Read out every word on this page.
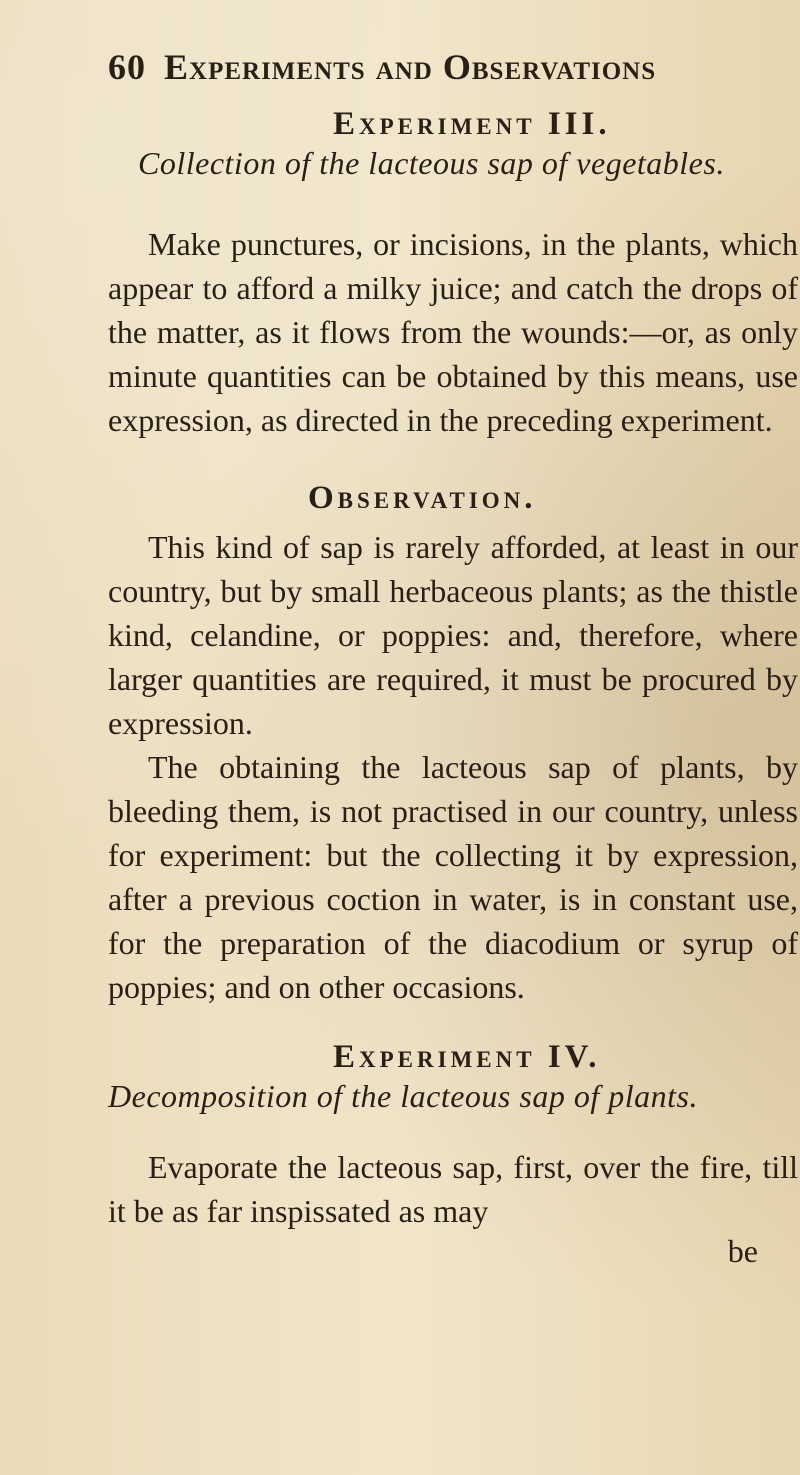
60 Experiments and Observations
Experiment III.
Collection of the lacteous sap of vegetables.

Make punctures, or incisions, in the plants, which appear to afford a milky juice; and catch the drops of the matter, as it flows from the wounds:—or, as only minute quantities can be obtained by this means, use expression, as directed in the preceding experiment.

Observation.

This kind of sap is rarely afforded, at least in our country, but by small herbaceous plants; as the thistle kind, celandine, or poppies: and, therefore, where larger quantities are required, it must be procured by expression.

The obtaining the lacteous sap of plants, by bleeding them, is not practised in our country, unless for experiment: but the collecting it by expression, after a previous coction in water, is in constant use, for the preparation of the diacodium or syrup of poppies; and on other occasions.

Experiment IV.
Decomposition of the lacteous sap of plants.

Evaporate the lacteous sap, first, over the fire, till it be as far inspissated as may

be
